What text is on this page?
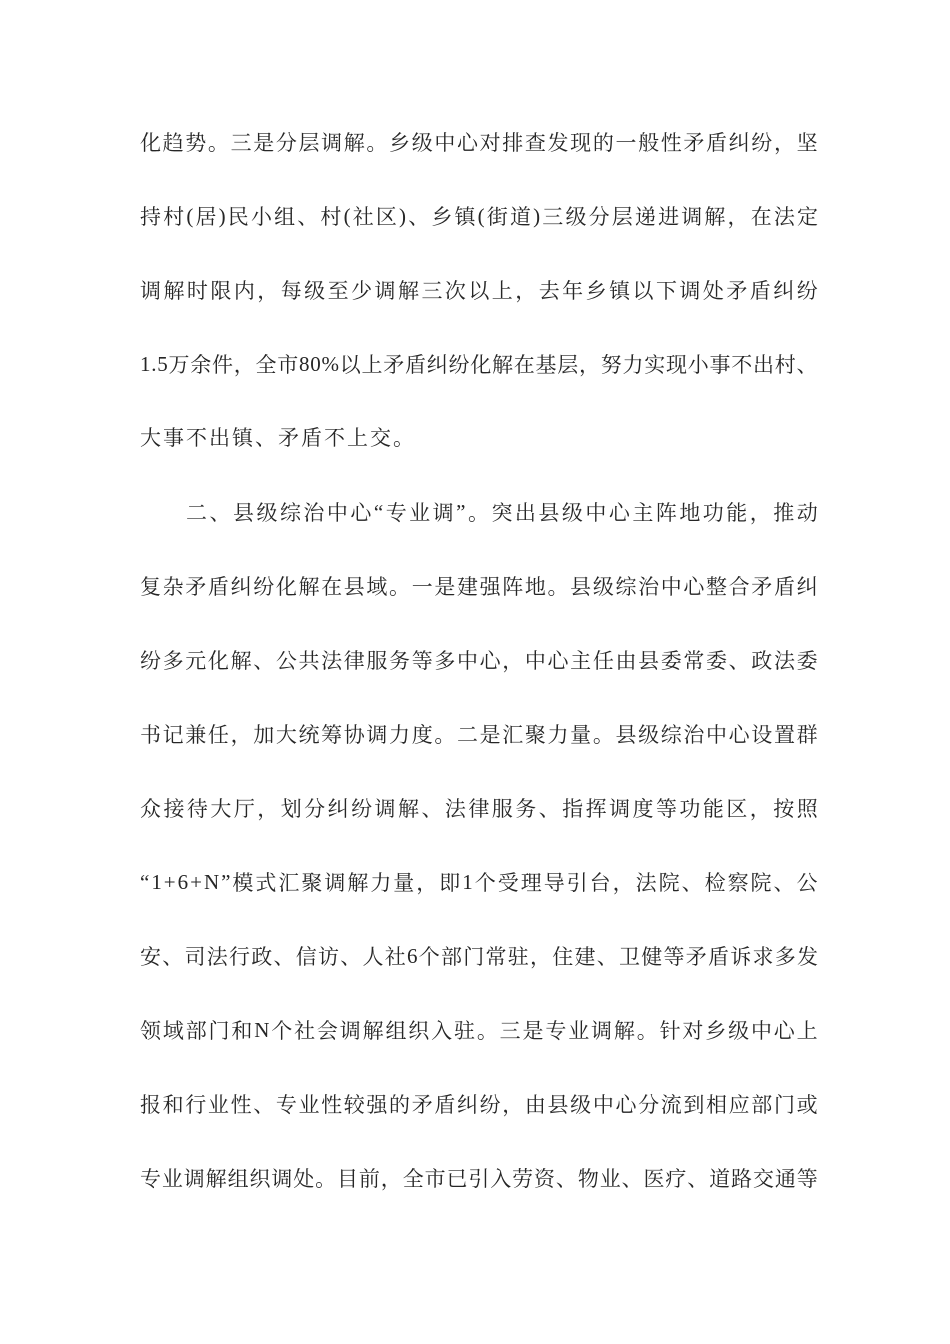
化 趋 势 。 三 是 分 层 调 解 。 乡 级 中 心 对 排 查 发 现 的 一 般 性 矛 盾 纠 纷 ， 坚
持 村 ( 居 ) 民 小 组 、 村 ( 社 区 ) 、 乡 镇 ( 街 道 ) 三 级 分 层 递 进 调 解 ， 在 法 定
调 解 时 限 内 ， 每 级 至 少 调 解 三 次 以 上 ， 去 年 乡 镇 以 下 调 处 矛 盾 纠 纷
1 . 5 万 余 件 ， 全 市 8 0 % 以 上 矛 盾 纠 纷 化 解 在 基 层 ， 努 力 实 现 小 事 不 出 村 、
大事不出镇、矛盾不上交。
二 、 县 级 综 治 中 心 “ 专 业 调 ” 。 突 出 县 级 中 心 主 阵 地 功 能 ， 推 动
复 杂 矛 盾 纠 纷 化 解 在 县 域 。 一 是 建 强 阵 地 。 县 级 综 治 中 心 整 合 矛 盾 纠
纷 多 元 化 解 、 公 共 法 律 服 务 等 多 中 心 ， 中 心 主 任 由 县 委 常 委 、 政 法 委
书 记 兼 任 ， 加 大 统 筹 协 调 力 度 。 二 是 汇 聚 力 量 。 县 级 综 治 中 心 设 置 群
众 接 待 大 厅 ， 划 分 纠 纷 调 解 、 法 律 服 务 、 指 挥 调 度 等 功 能 区 ， 按 照
“ 1 + 6 + N ” 模 式 汇 聚 调 解 力 量 ， 即 1 个 受 理 导 引 台 ， 法 院 、 检 察 院 、 公
安 、 司 法 行 政 、 信 访 、 人 社 6 个 部 门 常 驻 ， 住 建 、 卫 健 等 矛 盾 诉 求 多 发
领 域 部 门 和 N 个 社 会 调 解 组 织 入 驻 。 三 是 专 业 调 解 。 针 对 乡 级 中 心 上
报 和 行 业 性 、 专 业 性 较 强 的 矛 盾 纠 纷 ， 由 县 级 中 心 分 流 到 相 应 部 门 或
专 业 调 解 组 织 调 处 。 目 前 ， 全 市 已 引 入 劳 资 、 物 业 、 医 疗 、 道 路 交 通 等
